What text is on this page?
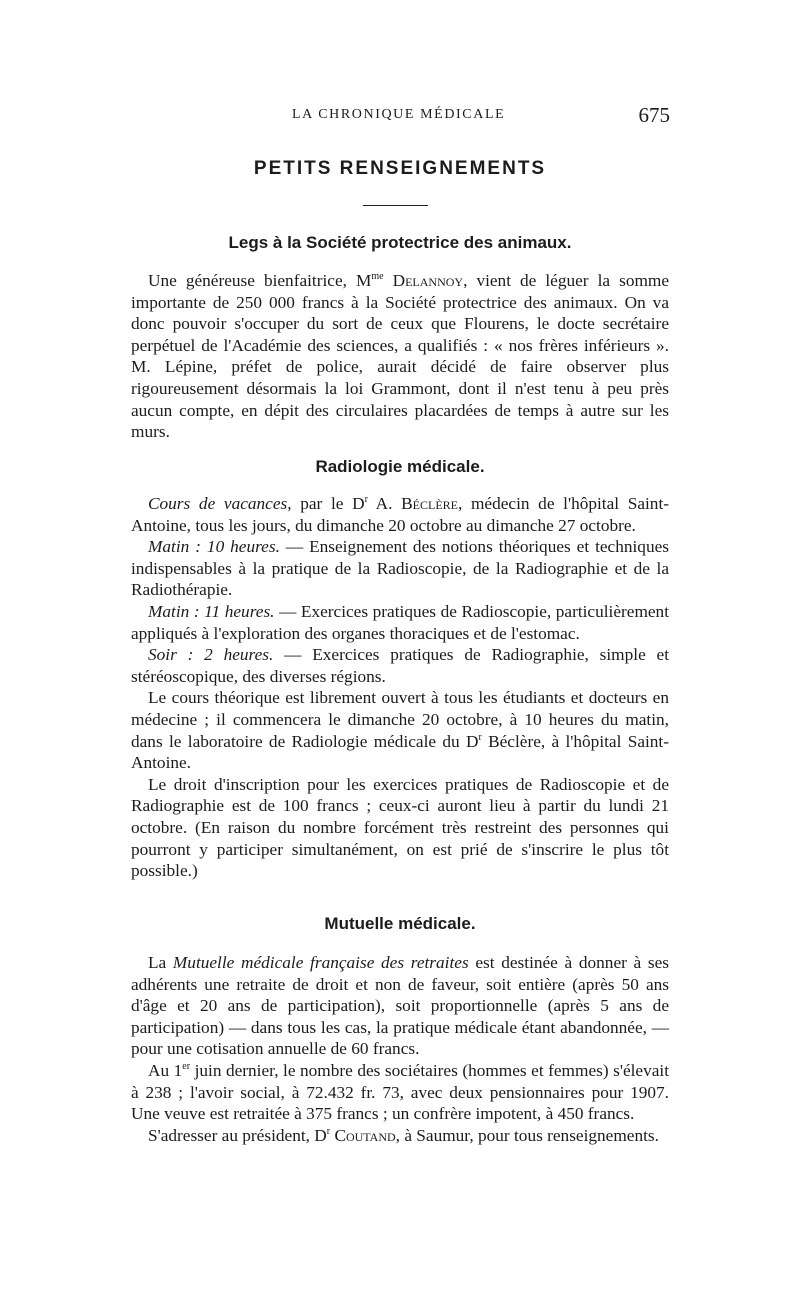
LA CHRONIQUE MÉDICALE	675
PETITS RENSEIGNEMENTS
Legs à la Société protectrice des animaux.

Une généreuse bienfaitrice, $M^{me}$ Delannoy, vient de léguer la somme importante de 250 000 francs à la Société protectrice des animaux. On va donc pouvoir s'occuper du sort de ceux que Flourens, le docte secrétaire perpétuel de l'Académie des sciences, a qualifiés : « nos frères inférieurs ». M. Lépine, préfet de police, aurait décidé de faire observer plus rigoureusement désormais la loi Grammont, dont il n'est tenu à peu près aucun compte, en dépit des circulaires placardées de temps à autre sur les murs.

Radiologie médicale.

Cours de vacances, par le $D^r$ A. Béclère, médecin de l'hôpital Saint-Antoine, tous les jours, du dimanche 20 octobre au dimanche 27 octobre.

Matin : 10 heures. — Enseignement des notions théoriques et techniques indispensables à la pratique de la Radioscopie, de la Radiographie et de la Radiothérapie.

Matin : 11 heures. — Exercices pratiques de Radioscopie, particulièrement appliqués à l'exploration des organes thoraciques et de l'estomac.

Soir : 2 heures. — Exercices pratiques de Radiographie, simple et stéréoscopique, des diverses régions.

Le cours théorique est librement ouvert à tous les étudiants et docteurs en médecine ; il commencera le dimanche 20 octobre, à 10 heures du matin, dans le laboratoire de Radiologie médicale du $D^r$ Béclère, à l'hôpital Saint-Antoine.

Le droit d'inscription pour les exercices pratiques de Radioscopie et de Radiographie est de 100 francs ; ceux-ci auront lieu à partir du lundi 21 octobre. (En raison du nombre forcément très restreint des personnes qui pourront y participer simultanément, on est prié de s'inscrire le plus tôt possible.)

Mutuelle médicale.

La Mutuelle médicale française des retraites est destinée à donner à ses adhérents une retraite de droit et non de faveur, soit entière (après 50 ans d'âge et 20 ans de participation), soit proportionnelle (après 5 ans de participation) — dans tous les cas, la pratique médicale étant abandonnée, — pour une cotisation annuelle de 60 francs.

Au 1er juin dernier, le nombre des sociétaires (hommes et femmes) s'élevait à 238 ; l'avoir social, à 72.432 fr. 73, avec deux pensionnaires pour 1907. Une veuve est retraitée à 375 francs ; un confrère impotent, à 450 francs.

S'adresser au président, $D^r$ Coutand, à Saumur, pour tous renseignements.
